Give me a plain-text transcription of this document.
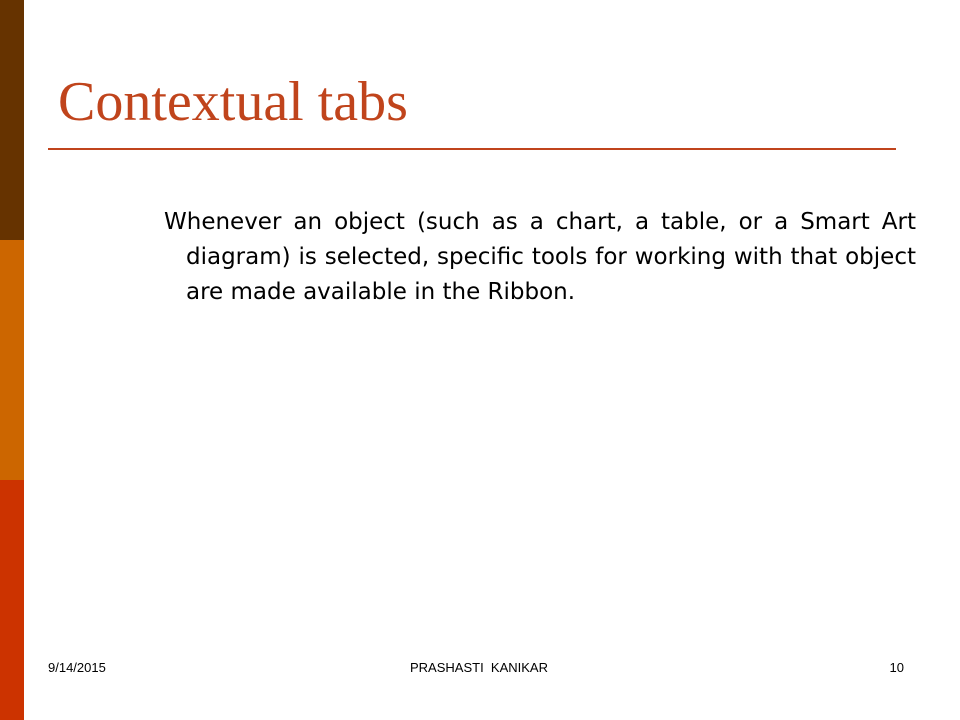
Contextual tabs

Whenever an object (such as a chart, a table, or a Smart Art diagram) is selected, specific tools for working with that object are made available in the Ribbon.

9/14/2015	PRASHASTI  KANIKAR	10
